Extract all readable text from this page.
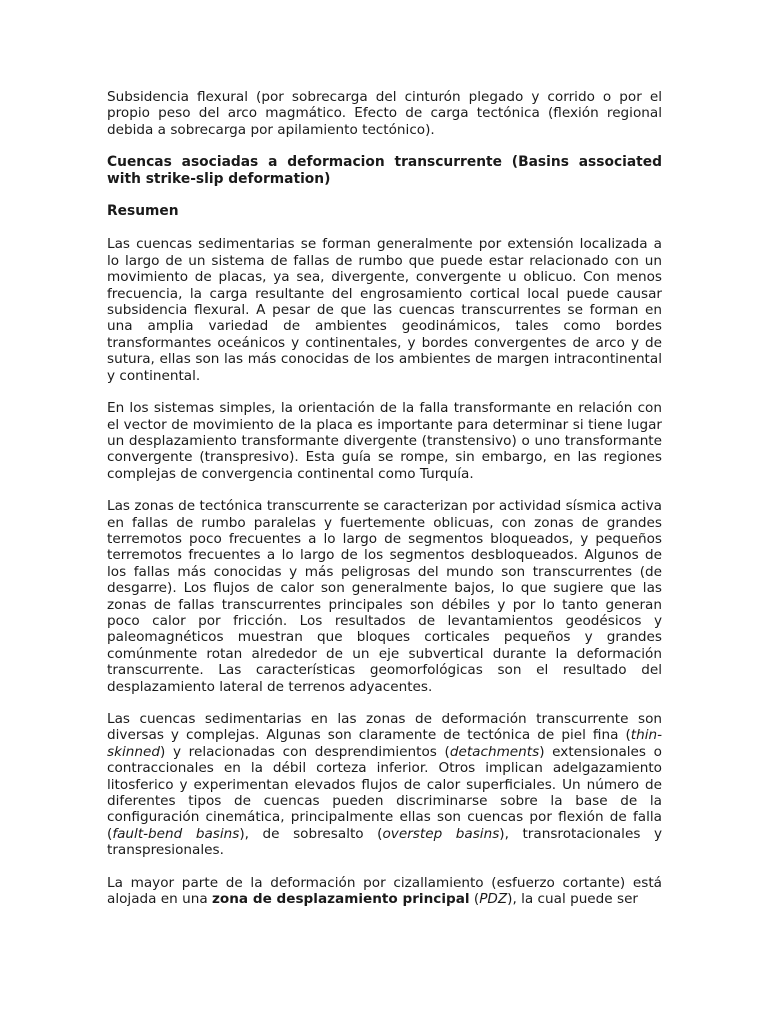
Subsidencia flexural (por sobrecarga del cinturón plegado y corrido o por el propio peso del arco magmático. Efecto de carga tectónica (flexión regional debida a sobrecarga por apilamiento tectónico).

Cuencas asociadas a deformacion transcurrente (Basins associated with strike-slip deformation)
Resumen

Las cuencas sedimentarias se forman generalmente por extensión localizada a lo largo de un sistema de fallas de rumbo que puede estar relacionado con un movimiento de placas, ya sea, divergente, convergente u oblicuo. Con menos frecuencia, la carga resultante del engrosamiento cortical local puede causar subsidencia flexural. A pesar de que las cuencas transcurrentes se forman en una amplia variedad de ambientes geodinámicos, tales como bordes transformantes oceánicos y continentales, y bordes convergentes de arco y de sutura, ellas son las más conocidas de los ambientes de margen intracontinental y continental.

En los sistemas simples, la orientación de la falla transformante en relación con el vector de movimiento de la placa es importante para determinar si tiene lugar un desplazamiento transformante divergente (transtensivo) o uno transformante convergente (transpresivo). Esta guía se rompe, sin embargo, en las regiones complejas de convergencia continental como Turquía.

Las zonas de tectónica transcurrente se caracterizan por actividad sísmica activa en fallas de rumbo paralelas y fuertemente oblicuas, con zonas de grandes terremotos poco frecuentes a lo largo de segmentos bloqueados, y pequeños terremotos frecuentes a lo largo de los segmentos desbloqueados. Algunos de los fallas más conocidas y más peligrosas del mundo son transcurrentes (de desgarre). Los flujos de calor son generalmente bajos, lo que sugiere que las zonas de fallas transcurrentes principales son débiles y por lo tanto generan poco calor por fricción. Los resultados de levantamientos geodésicos y paleomagnéticos muestran que bloques corticales pequeños y grandes comúnmente rotan alrededor de un eje subvertical durante la deformación transcurrente. Las características geomorfológicas son el resultado del desplazamiento lateral de terrenos adyacentes.

Las cuencas sedimentarias en las zonas de deformación transcurrente son diversas y complejas. Algunas son claramente de tectónica de piel fina (thin-skinned) y relacionadas con desprendimientos (detachments) extensionales o contraccionales en la débil corteza inferior. Otros implican adelgazamiento litosferico y experimentan elevados flujos de calor superficiales. Un número de diferentes tipos de cuencas pueden discriminarse sobre la base de la configuración cinemática, principalmente ellas son cuencas por flexión de falla (fault-bend basins), de sobresalto (overstep basins), transrotacionales y transpresionales.

La mayor parte de la deformación por cizallamiento (esfuerzo cortante) está alojada en una zona de desplazamiento principal (PDZ), la cual puede ser
